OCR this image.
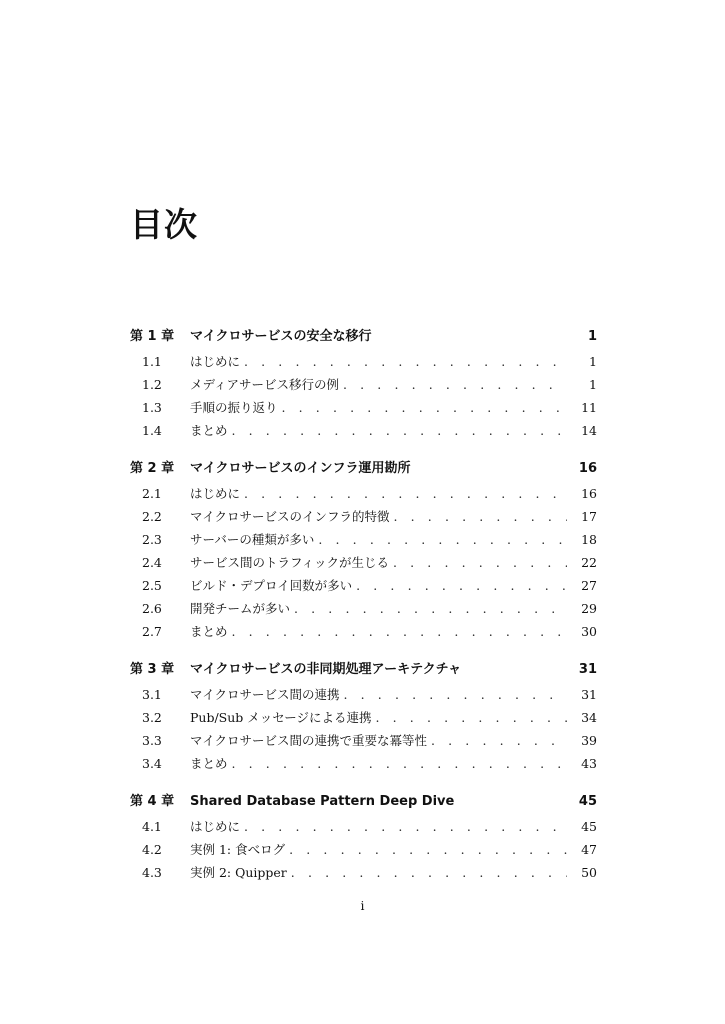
目次
第 1 章	マイクロサービスの安全な移行	1
1.1	はじめに . . .	1
1.2	メディアサービス移行の例 . . .	1
1.3	手順の振り返り . . .	11
1.4	まとめ . . .	14
第 2 章	マイクロサービスのインフラ運用勘所	16
2.1	はじめに . . .	16
2.2	マイクロサービスのインフラ的特徴 . . .	17
2.3	サーバーの種類が多い . . .	18
2.4	サービス間のトラフィックが生じる . . .	22
2.5	ビルド・デプロイ回数が多い . . .	27
2.6	開発チームが多い . . .	29
2.7	まとめ . . .	30
第 3 章	マイクロサービスの非同期処理アーキテクチャ	31
3.1	マイクロサービス間の連携 . . .	31
3.2	Pub/Sub メッセージによる連携 . . .	34
3.3	マイクロサービス間の連携で重要な冪等性 . . .	39
3.4	まとめ . . .	43
第 4 章	Shared Database Pattern Deep Dive	45
4.1	はじめに . . .	45
4.2	実例 1: 食べログ . . .	47
4.3	実例 2: Quipper . . .	50
i
